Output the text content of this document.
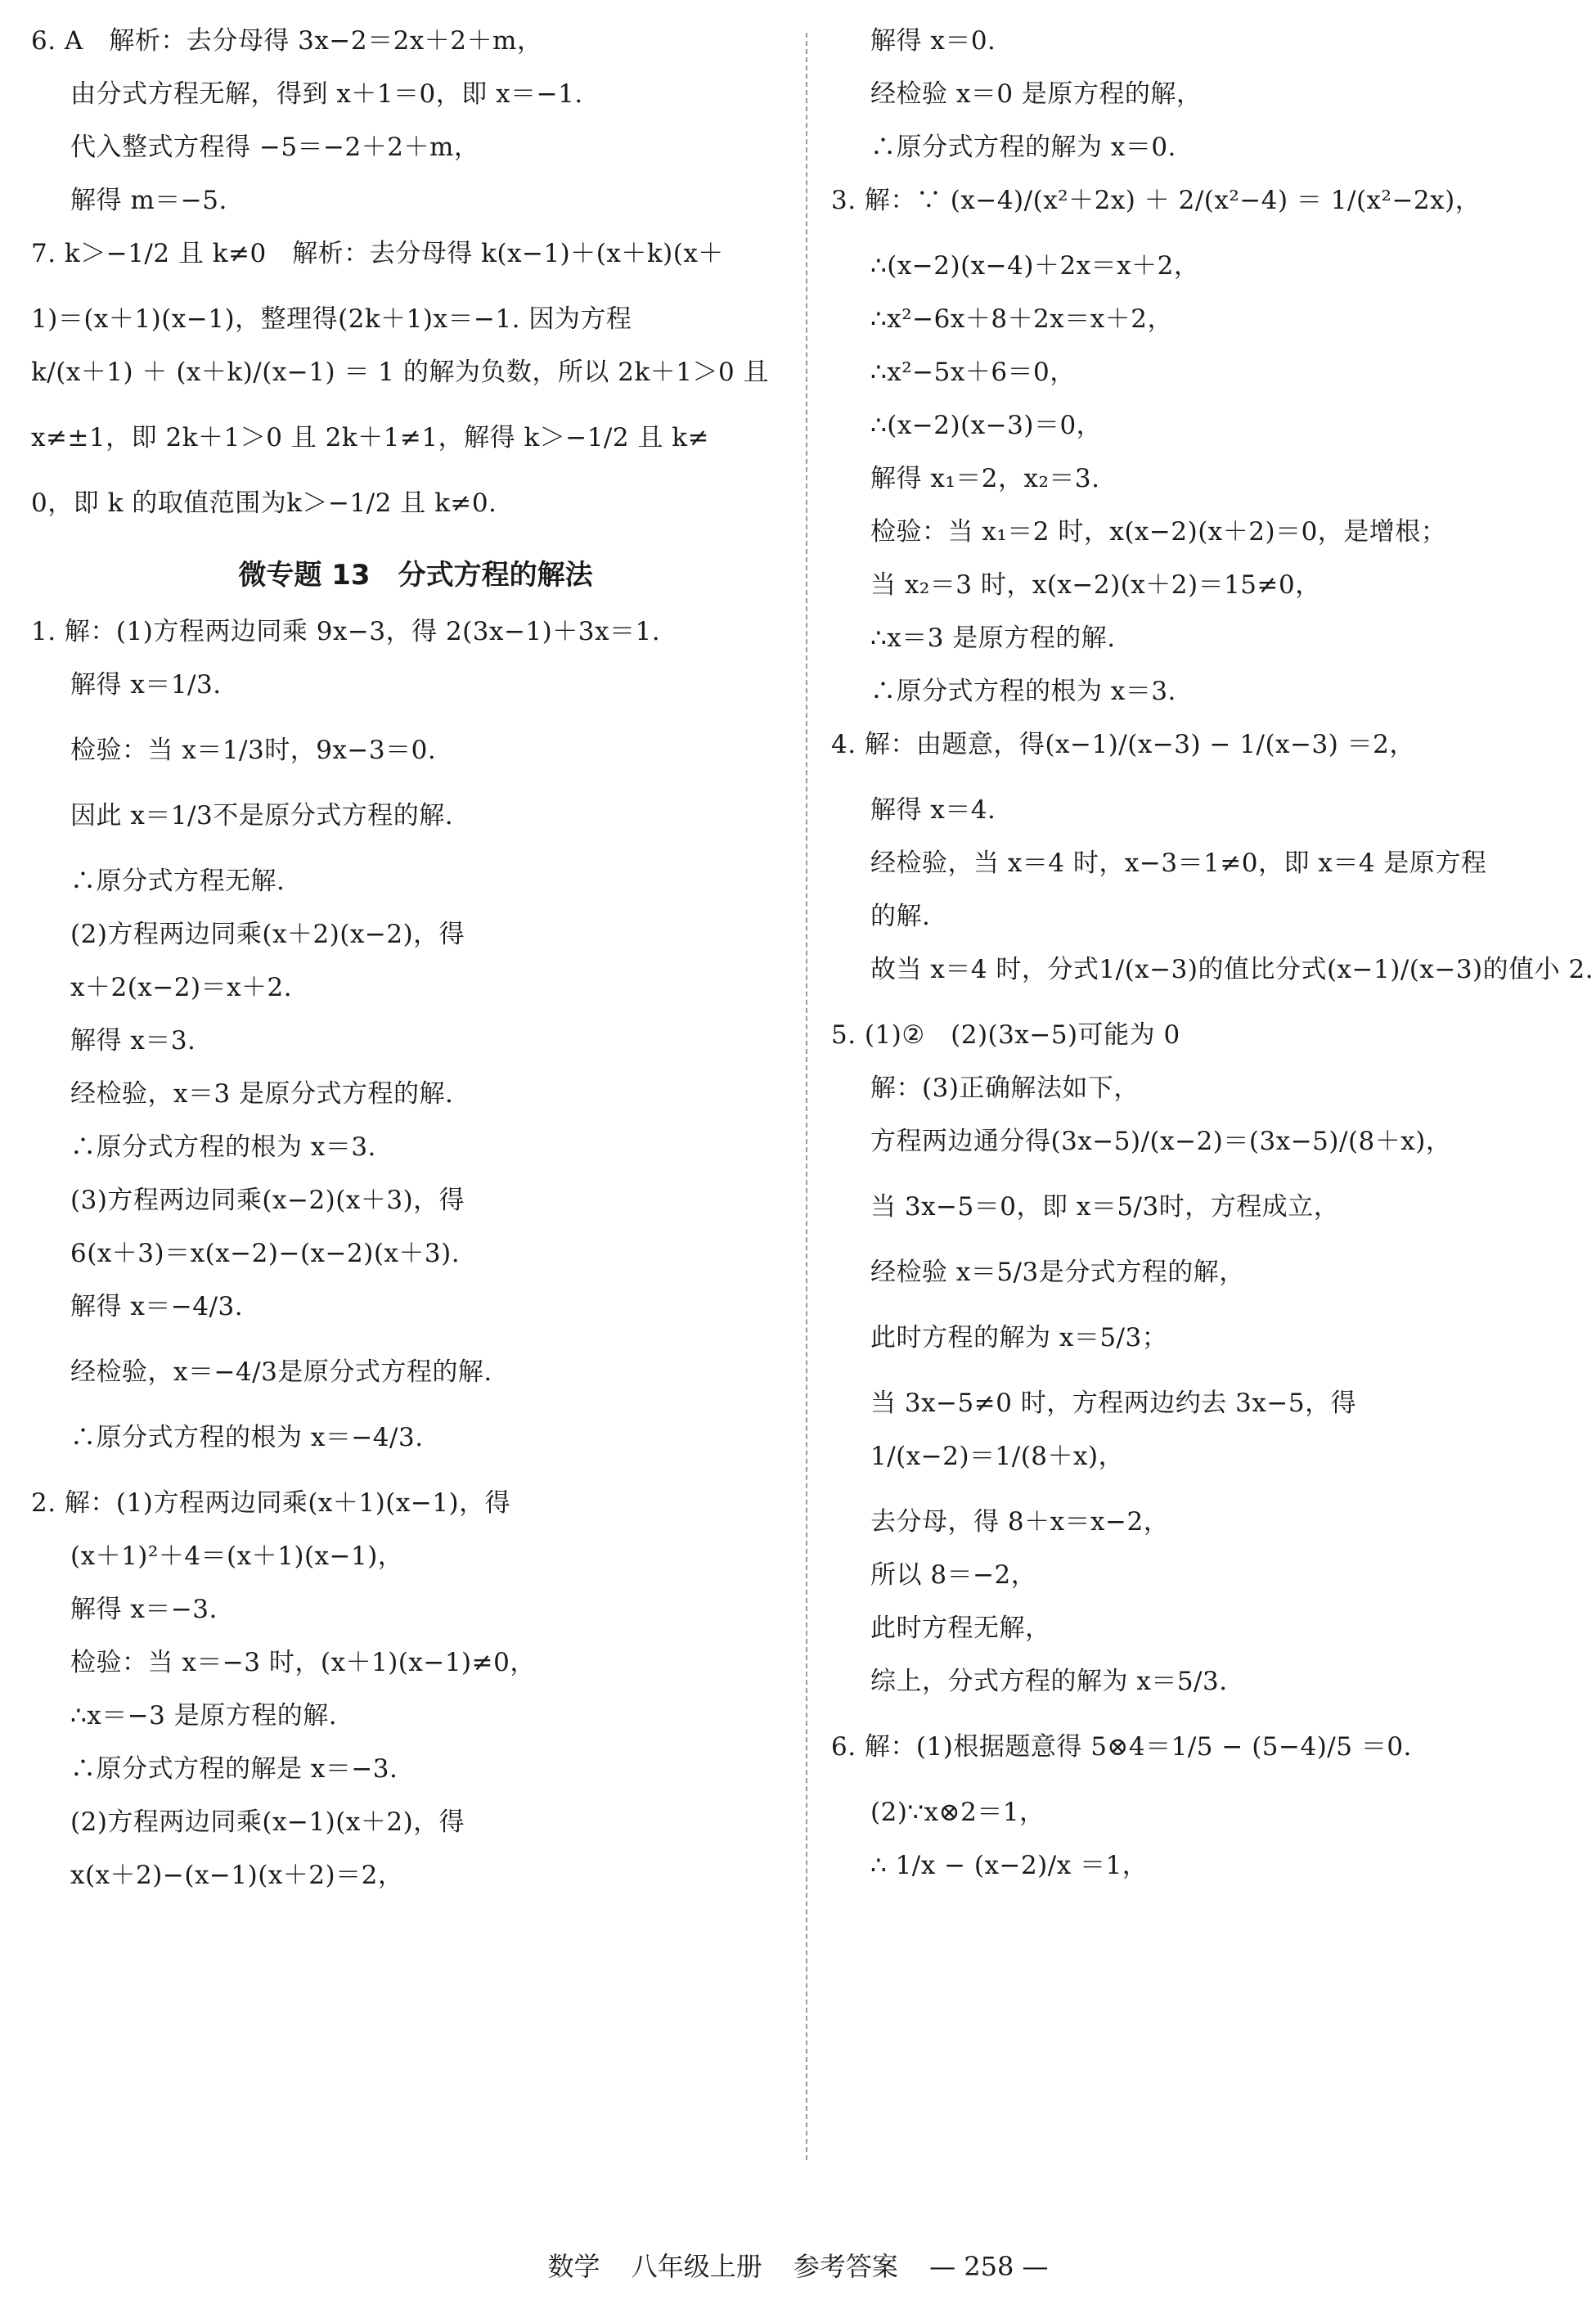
6. A　解析：去分母得 3x−2＝2x＋2＋m，
由分式方程无解，得到 x＋1＝0，即 x＝−1.
代入整式方程得 −5＝−2＋2＋m，
解得 m＝−5.
7. k＞−1/2 且 k≠0　解析：去分母得 k(x−1)＋(x＋k)(x＋
1)＝(x＋1)(x−1)，整理得(2k＋1)x＝−1. 因为方程
k/(x＋1) ＋ (x＋k)/(x−1) ＝ 1 的解为负数，所以 2k＋1＞0 且
x≠±1，即 2k＋1＞0 且 2k＋1≠1，解得 k＞−1/2 且 k≠
0，即 k 的取值范围为k＞−1/2 且 k≠0.
微专题 13　分式方程的解法
1. 解：(1)方程两边同乘 9x−3，得 2(3x−1)＋3x＝1.
解得 x＝1/3.
检验：当 x＝1/3时，9x−3＝0.
因此 x＝1/3不是原分式方程的解.
∴原分式方程无解.
(2)方程两边同乘(x＋2)(x−2)，得
x＋2(x−2)＝x＋2.
解得 x＝3.
经检验，x＝3 是原分式方程的解.
∴原分式方程的根为 x＝3.
(3)方程两边同乘(x−2)(x＋3)，得
6(x＋3)＝x(x−2)−(x−2)(x＋3).
解得 x＝−4/3.
经检验，x＝−4/3是原分式方程的解.
∴原分式方程的根为 x＝−4/3.
2. 解：(1)方程两边同乘(x＋1)(x−1)，得
(x＋1)²＋4＝(x＋1)(x−1)，
解得 x＝−3.
检验：当 x＝−3 时，(x＋1)(x−1)≠0，
∴x＝−3 是原方程的解.
∴原分式方程的解是 x＝−3.
(2)方程两边同乘(x−1)(x＋2)，得
x(x＋2)−(x−1)(x＋2)＝2，
解得 x＝0.
经检验 x＝0 是原方程的解，
∴原分式方程的解为 x＝0.
3. 解：∵ (x−4)/(x²＋2x) ＋ 2/(x²−4) ＝ 1/(x²−2x)，
∴(x−2)(x−4)＋2x＝x＋2，
∴x²−6x＋8＋2x＝x＋2，
∴x²−5x＋6＝0，
∴(x−2)(x−3)＝0，
解得 x₁＝2，x₂＝3.
检验：当 x₁＝2 时，x(x−2)(x＋2)＝0，是增根；
当 x₂＝3 时，x(x−2)(x＋2)＝15≠0，
∴x＝3 是原方程的解.
∴原分式方程的根为 x＝3.
4. 解：由题意，得(x−1)/(x−3) − 1/(x−3) ＝2，
解得 x＝4.
经检验，当 x＝4 时，x−3＝1≠0，即 x＝4 是原方程
的解.
故当 x＝4 时，分式1/(x−3)的值比分式(x−1)/(x−3)的值小 2.
5. (1)②　(2)(3x−5)可能为 0
解：(3)正确解法如下，
方程两边通分得(3x−5)/(x−2)＝(3x−5)/(8＋x)，
当 3x−5＝0，即 x＝5/3时，方程成立，
经检验 x＝5/3是分式方程的解，
此时方程的解为 x＝5/3；
当 3x−5≠0 时，方程两边约去 3x−5，得
1/(x−2)＝1/(8＋x)，
去分母，得 8＋x＝x−2，
所以 8＝−2，
此时方程无解，
综上，分式方程的解为 x＝5/3.
6. 解：(1)根据题意得 5⊗4＝1/5 − (5−4)/5 ＝0.
(2)∵x⊗2＝1，
∴ 1/x − (x−2)/x ＝1，
数学 八年级上册 参考答案 — 258 —
